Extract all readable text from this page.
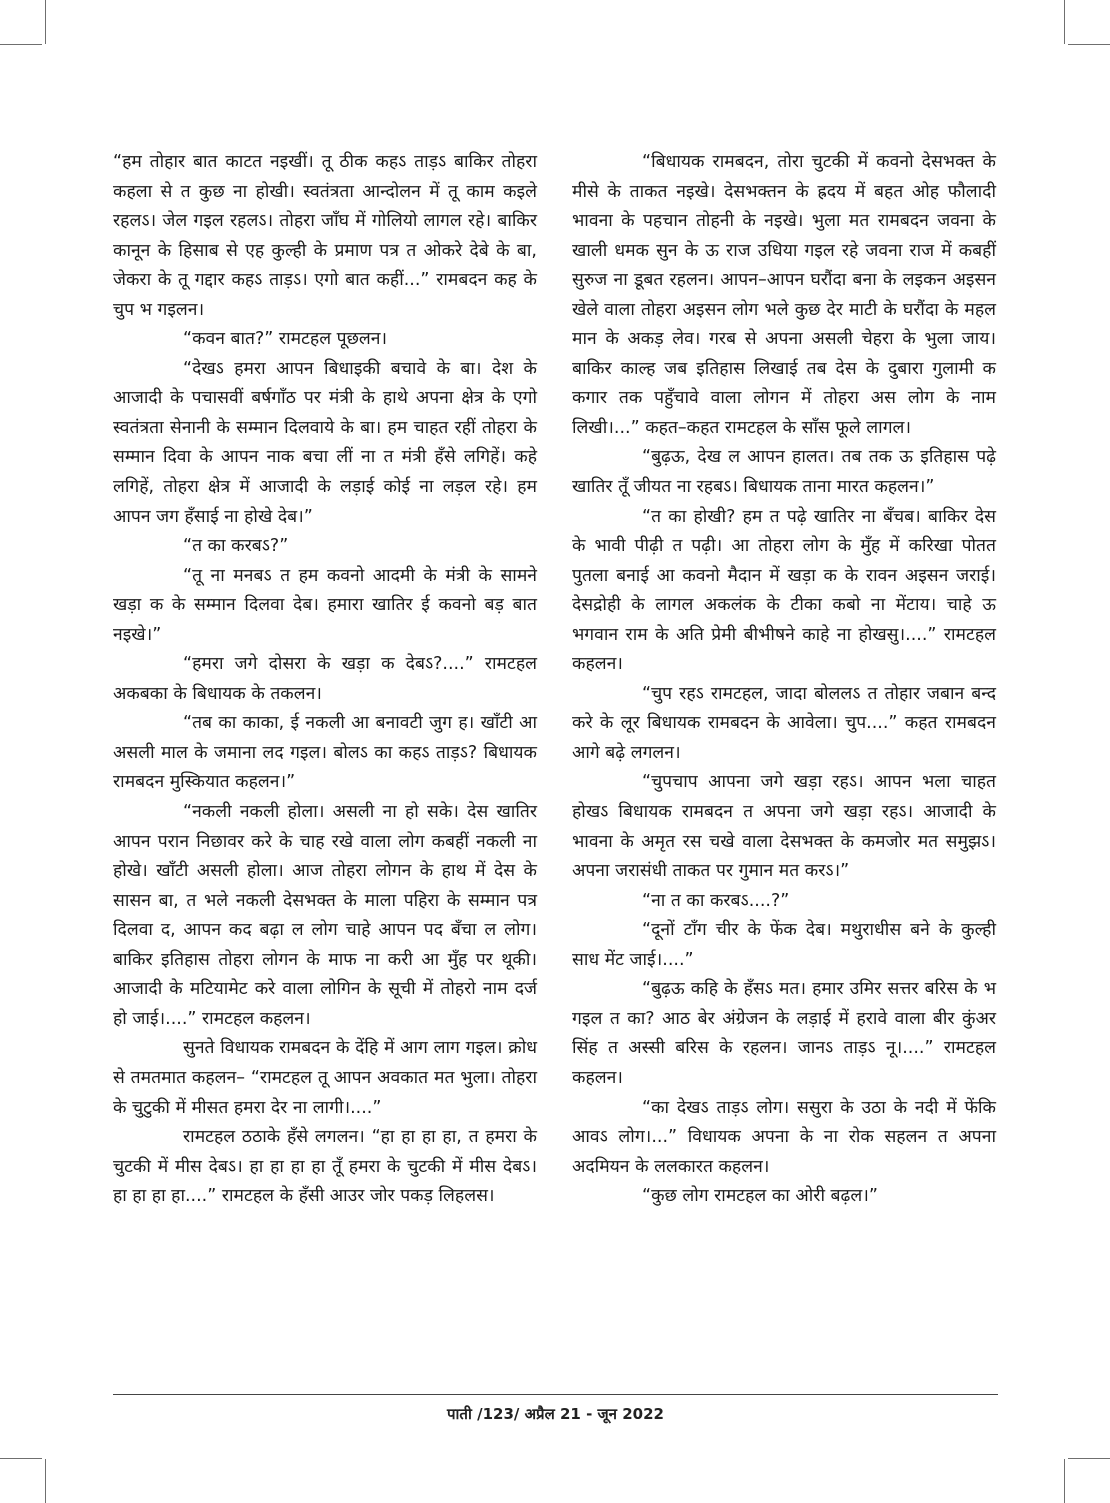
“हम तोहार बात काटत नइखीं। तू ठीक कहऽ ताड़ऽ बाकिर तोहरा कहला से त कुछ ना होखी। स्वतंत्रता आन्दोलन में तू काम कइले रहलऽ। जेल गइल रहलऽ। तोहरा जाँघ में गोलियो लागल रहे। बाकिर कानून के हिसाब से एह कुल्ही के प्रमाण पत्र त ओकरे देबे के बा, जेकरा के तू गद्दार कहऽ ताड़ऽ। एगो बात कहीं...” रामबदन कह के चुप भ गइलन।

“कवन बात?” रामटहल पूछलन।

“देखऽ हमरा आपन बिधाइकी बचावे के बा। देश के आजादी के पचासवीं बर्षगाँठ पर मंत्री के हाथे अपना क्षेत्र के एगो स्वतंत्रता सेनानी के सम्मान दिलवाये के बा। हम चाहत रहीं तोहरा के सम्मान दिवा के आपन नाक बचा लीं ना त मंत्री हँसे लगिहें। कहे लगिहें, तोहरा क्षेत्र में आजादी के लड़ाई कोई ना लड़ल रहे। हम आपन जग हँसाई ना होखे देब।”

“त का करबऽ?”

“तू ना मनबऽ त हम कवनो आदमी के मंत्री के सामने खड़ा क के सम्मान दिलवा देब। हमारा खातिर ई कवनो बड़ बात नइखे।”

“हमरा जगे दोसरा के खड़ा क देबऽ?....” रामटहल अकबका के बिधायक के तकलन।

“तब का काका, ई नकली आ बनावटी जुग ह। खाँटी आ असली माल के जमाना लद गइल। बोलऽ का कहऽ ताड़ऽ? बिधायक रामबदन मुस्कियात कहलन।”

“नकली नकली होला। असली ना हो सके। देस खातिर आपन परान निछावर करे के चाह रखे वाला लोग कबहीं नकली ना होखे। खाँटी असली होला। आज तोहरा लोगन के हाथ में देस के सासन बा, त भले नकली देसभक्त के माला पहिरा के सम्मान पत्र दिलवा द, आपन कद बढ़ा ल लोग चाहे आपन पद बँचा ल लोग। बाकिर इतिहास तोहरा लोगन के माफ ना करी आ मुँह पर थूकी। आजादी के मटियामेट करे वाला लोगिन के सूची में तोहरो नाम दर्ज हो जाई।....” रामटहल कहलन।

सुनते विधायक रामबदन के देंहि में आग लाग गइल। क्रोध से तमतमात कहलन– “रामटहल तू आपन अवकात मत भुला। तोहरा के चुटुकी में मीसत हमरा देर ना लागी।....”

रामटहल ठठाके हँसे लगलन। “हा हा हा हा, त हमरा के चुटकी में मीस देबऽ। हा हा हा हा तूँ हमरा के चुटकी में मीस देबऽ। हा हा हा हा....” रामटहल के हँसी आउर जोर पकड़ लिहलस।

“बिधायक रामबदन, तोरा चुटकी में कवनो देसभक्त के मीसे के ताकत नइखे। देसभक्तन के ह्रदय में बहत ओह फौलादी भावना के पहचान तोहनी के नइखे। भुला मत रामबदन जवना के खाली धमक सुन के ऊ राज उधिया गइल रहे जवना राज में कबहीं सुरुज ना डूबत रहलन। आपन–आपन घरौंदा बना के लइकन अइसन खेले वाला तोहरा अइसन लोग भले कुछ देर माटी के घरौंदा के महल मान के अकड़ लेव। गरब से अपना असली चेहरा के भुला जाय। बाकिर काल्ह जब इतिहास लिखाई तब देस के दुबारा गुलामी क कगार तक पहुँचावे वाला लोगन में तोहरा अस लोग के नाम लिखी।...” कहत–कहत रामटहल के साँस फूले लागल।

“बुढ़ऊ, देख ल आपन हालत। तब तक ऊ इतिहास पढ़े खातिर तूँ जीयत ना रहबऽ। बिधायक ताना मारत कहलन।”

“त का होखी? हम त पढ़े खातिर ना बँचब। बाकिर देस के भावी पीढ़ी त पढ़ी। आ तोहरा लोग के मुँह में करिखा पोतत पुतला बनाई आ कवनो मैदान में खड़ा क के रावन अइसन जराई। देसद्रोही के लागल अकलंक के टीका कबो ना मेंटाय। चाहे ऊ भगवान राम के अति प्रेमी बीभीषने काहे ना होखसु।....” रामटहल कहलन।

“चुप रहऽ रामटहल, जादा बोललऽ त तोहार जबान बन्द करे के लूर बिधायक रामबदन के आवेला। चुप....” कहत रामबदन आगे बढ़े लगलन।

“चुपचाप आपना जगे खड़ा रहऽ। आपन भला चाहत होखऽ बिधायक रामबदन त अपना जगे खड़ा रहऽ। आजादी के भावना के अमृत रस चखे वाला देसभक्त के कमजोर मत समुझऽ। अपना जरासंधी ताकत पर गुमान मत करऽ।”

“ना त का करबऽ....?”

“दूनों टाँग चीर के फेंक देब। मथुराधीस बने के कुल्ही साध मेंट जाई।....”

“बुढ़ऊ कहि के हँसऽ मत। हमार उमिर सत्तर बरिस के भ गइल त का? आठ बेर अंग्रेजन के लड़ाई में हरावे वाला बीर कुंअर सिंह त अस्सी बरिस के रहलन। जानऽ ताड़ऽ नू।....” रामटहल कहलन।

“का देखऽ ताड़ऽ लोग। ससुरा के उठा के नदी में फेंकि आवऽ लोग।...” विधायक अपना के ना रोक सहलन त अपना अदमियन के ललकारत कहलन।

“कुछ लोग रामटहल का ओरी बढ़ल।”

पाती /123/ अप्रैल 21 - जून 2022
